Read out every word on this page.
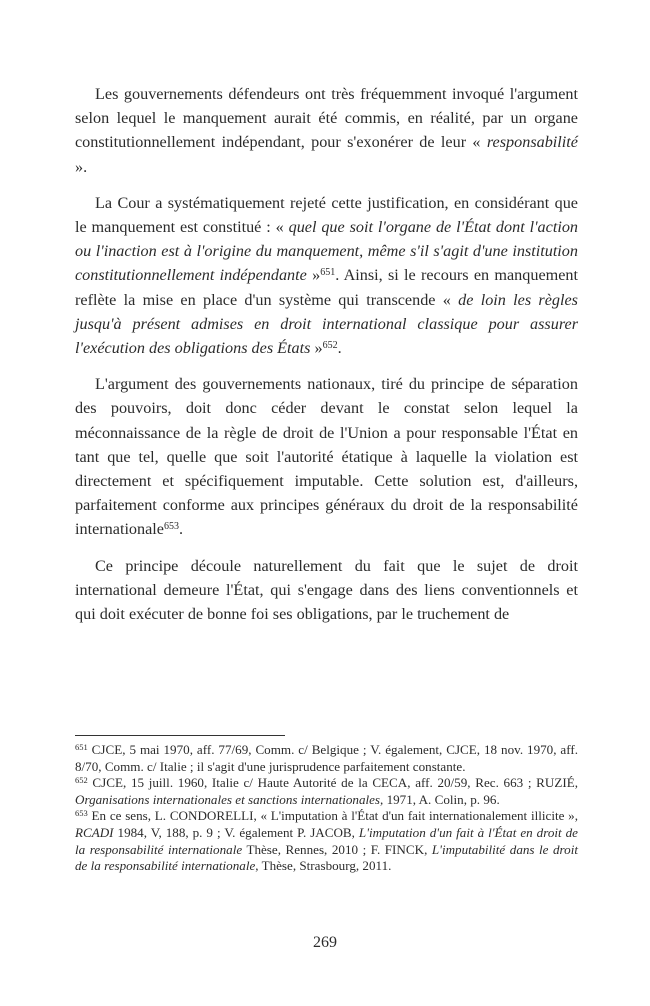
Les gouvernements défendeurs ont très fréquemment invoqué l'argument selon lequel le manquement aurait été commis, en réalité, par un organe constitutionnellement indépendant, pour s'exonérer de leur « responsabilité ».

La Cour a systématiquement rejeté cette justification, en considérant que le manquement est constitué : « quel que soit l'organe de l'État dont l'action ou l'inaction est à l'origine du manquement, même s'il s'agit d'une institution constitutionnellement indépendante »$^{651}$. Ainsi, si le recours en manquement reflète la mise en place d'un système qui transcende « de loin les règles jusqu'à présent admises en droit international classique pour assurer l'exécution des obligations des États »$^{652}$.

L'argument des gouvernements nationaux, tiré du principe de séparation des pouvoirs, doit donc céder devant le constat selon lequel la méconnaissance de la règle de droit de l'Union a pour responsable l'État en tant que tel, quelle que soit l'autorité étatique à laquelle la violation est directement et spécifiquement imputable. Cette solution est, d'ailleurs, parfaitement conforme aux principes généraux du droit de la responsabilité internationale$^{653}$.

Ce principe découle naturellement du fait que le sujet de droit international demeure l'État, qui s'engage dans des liens conventionnels et qui doit exécuter de bonne foi ses obligations, par le truchement de

$^{651}$ CJCE, 5 mai 1970, aff. 77/69, Comm. c/ Belgique ; V. également, CJCE, 18 nov. 1970, aff. 8/70, Comm. c/ Italie ; il s'agit d'une jurisprudence parfaitement constante.

$^{652}$ CJCE, 15 juill. 1960, Italie c/ Haute Autorité de la CECA, aff. 20/59, Rec. 663 ; RUZIÉ, Organisations internationales et sanctions internationales, 1971, A. Colin, p. 96.

$^{653}$ En ce sens, L. CONDORELLI, « L'imputation à l'État d'un fait internationalement illicite », RCADI 1984, V, 188, p. 9 ; V. également P. JACOB, L'imputation d'un fait à l'État en droit de la responsabilité internationale Thèse, Rennes, 2010 ; F. FINCK, L'imputabilité dans le droit de la responsabilité internationale, Thèse, Strasbourg, 2011.

269
